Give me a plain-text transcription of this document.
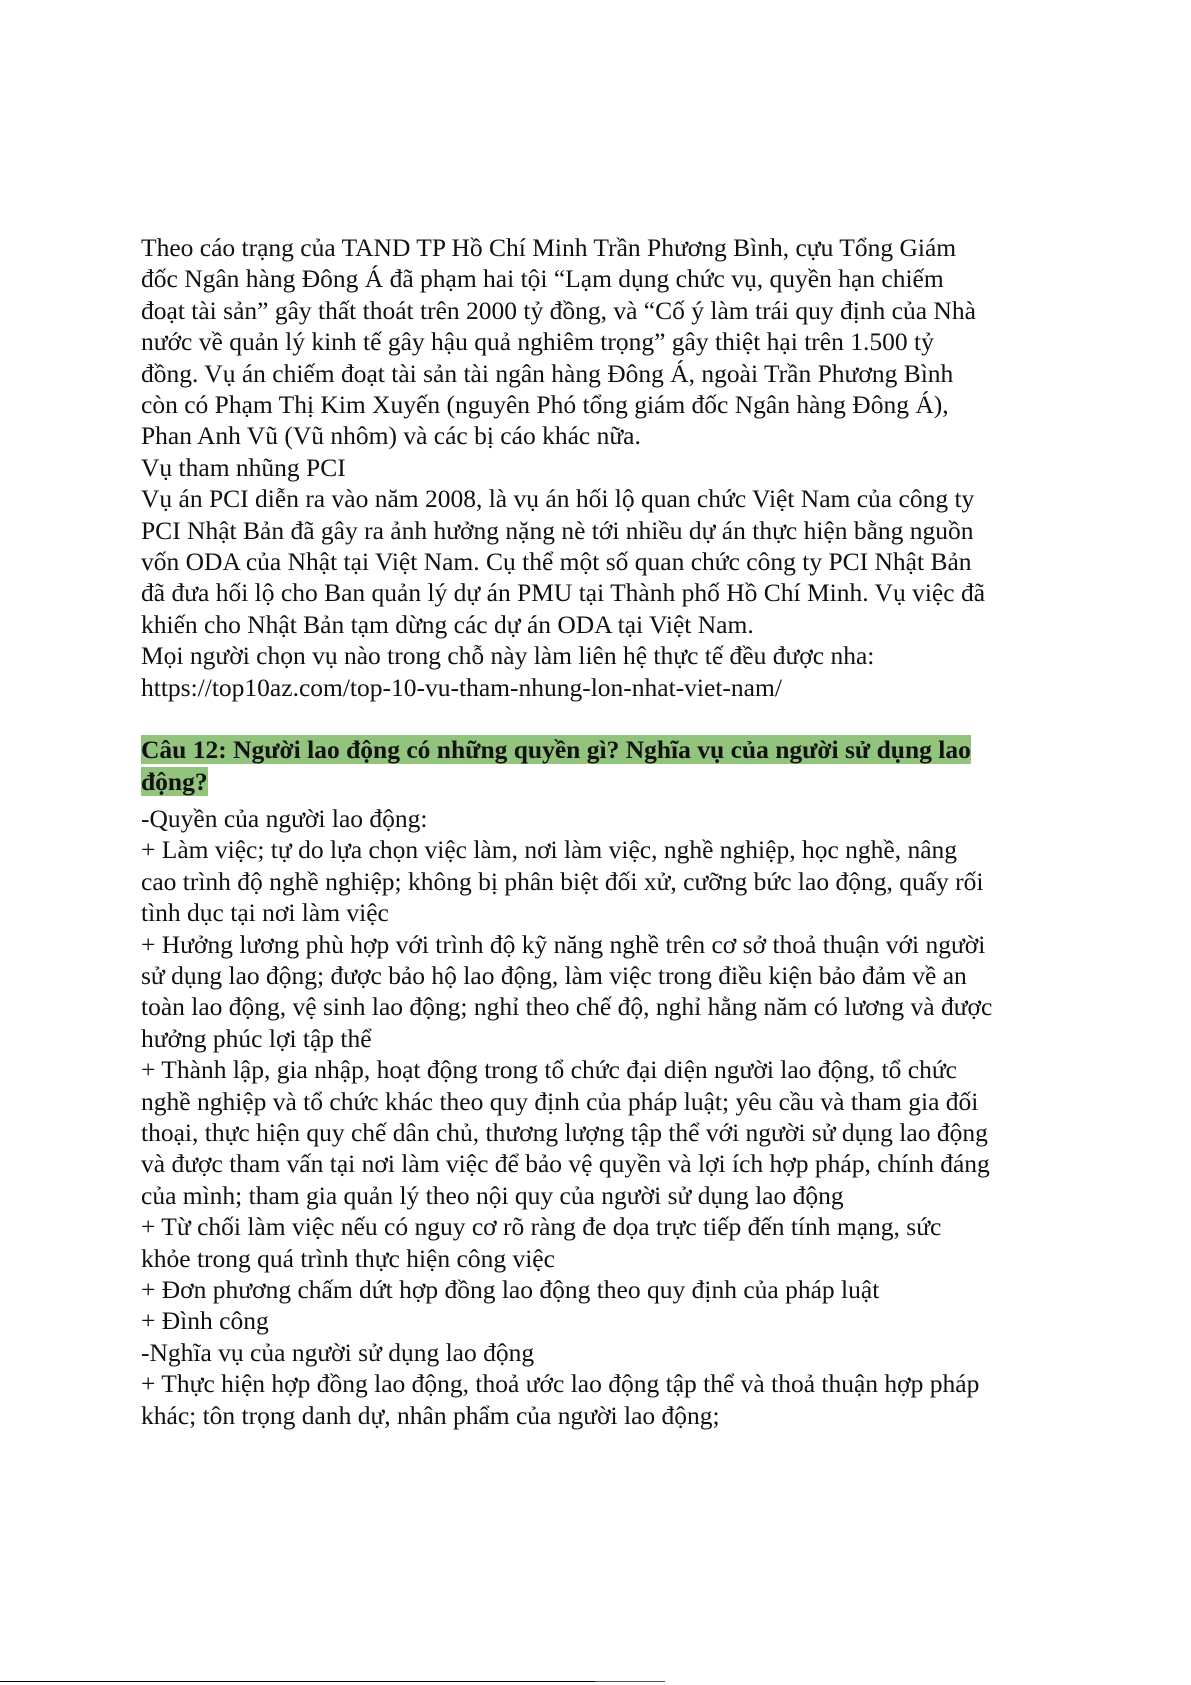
Theo cáo trạng của TAND TP Hồ Chí Minh Trần Phương Bình, cựu Tổng Giám
đốc Ngân hàng Đông Á đã phạm hai tội “Lạm dụng chức vụ, quyền hạn chiếm
đoạt tài sản” gây thất thoát trên 2000 tỷ đồng, và “Cố ý làm trái quy định của Nhà
nước về quản lý kinh tế gây hậu quả nghiêm trọng” gây thiệt hại trên 1.500 tỷ
đồng. Vụ án chiếm đoạt tài sản tài ngân hàng Đông Á, ngoài Trần Phương Bình
còn có Phạm Thị Kim Xuyến (nguyên Phó tổng giám đốc Ngân hàng Đông Á),
Phan Anh Vũ (Vũ nhôm) và các bị cáo khác nữa.
Vụ tham nhũng PCI
Vụ án PCI diễn ra vào năm 2008, là vụ án hối lộ quan chức Việt Nam của công ty
PCI Nhật Bản đã gây ra ảnh hưởng nặng nè tới nhiều dự án thực hiện bằng nguồn
vốn ODA của Nhật tại Việt Nam. Cụ thể một số quan chức công ty PCI Nhật Bản
đã đưa hối lộ cho Ban quản lý dự án PMU tại Thành phố Hồ Chí Minh. Vụ việc đã
khiến cho Nhật Bản tạm dừng các dự án ODA tại Việt Nam.
Mọi người chọn vụ nào trong chỗ này làm liên hệ thực tế đều được nha:
https://top10az.com/top-10-vu-tham-nhung-lon-nhat-viet-nam/
Câu 12: Người lao động có những quyền gì? Nghĩa vụ của người sử dụng lao
động?
-Quyền của người lao động:
+ Làm việc; tự do lựa chọn việc làm, nơi làm việc, nghề nghiệp, học nghề, nâng
cao trình độ nghề nghiệp; không bị phân biệt đối xử, cưỡng bức lao động, quấy rối
tình dục tại nơi làm việc
+ Hưởng lương phù hợp với trình độ kỹ năng nghề trên cơ sở thoả thuận với người
sử dụng lao động; được bảo hộ lao động, làm việc trong điều kiện bảo đảm về an
toàn lao động, vệ sinh lao động; nghỉ theo chế độ, nghỉ hằng năm có lương và được
hưởng phúc lợi tập thể
+ Thành lập, gia nhập, hoạt động trong tổ chức đại diện người lao động, tổ chức
nghề nghiệp và tổ chức khác theo quy định của pháp luật; yêu cầu và tham gia đối
thoại, thực hiện quy chế dân chủ, thương lượng tập thể với người sử dụng lao động
và được tham vấn tại nơi làm việc để bảo vệ quyền và lợi ích hợp pháp, chính đáng
của mình; tham gia quản lý theo nội quy của người sử dụng lao động
+ Từ chối làm việc nếu có nguy cơ rõ ràng đe dọa trực tiếp đến tính mạng, sức
khỏe trong quá trình thực hiện công việc
+ Đơn phương chấm dứt hợp đồng lao động theo quy định của pháp luật
+ Đình công
-Nghĩa vụ của người sử dụng lao động
+ Thực hiện hợp đồng lao động, thoả ước lao động tập thể và thoả thuận hợp pháp
khác; tôn trọng danh dự, nhân phẩm của người lao động;
